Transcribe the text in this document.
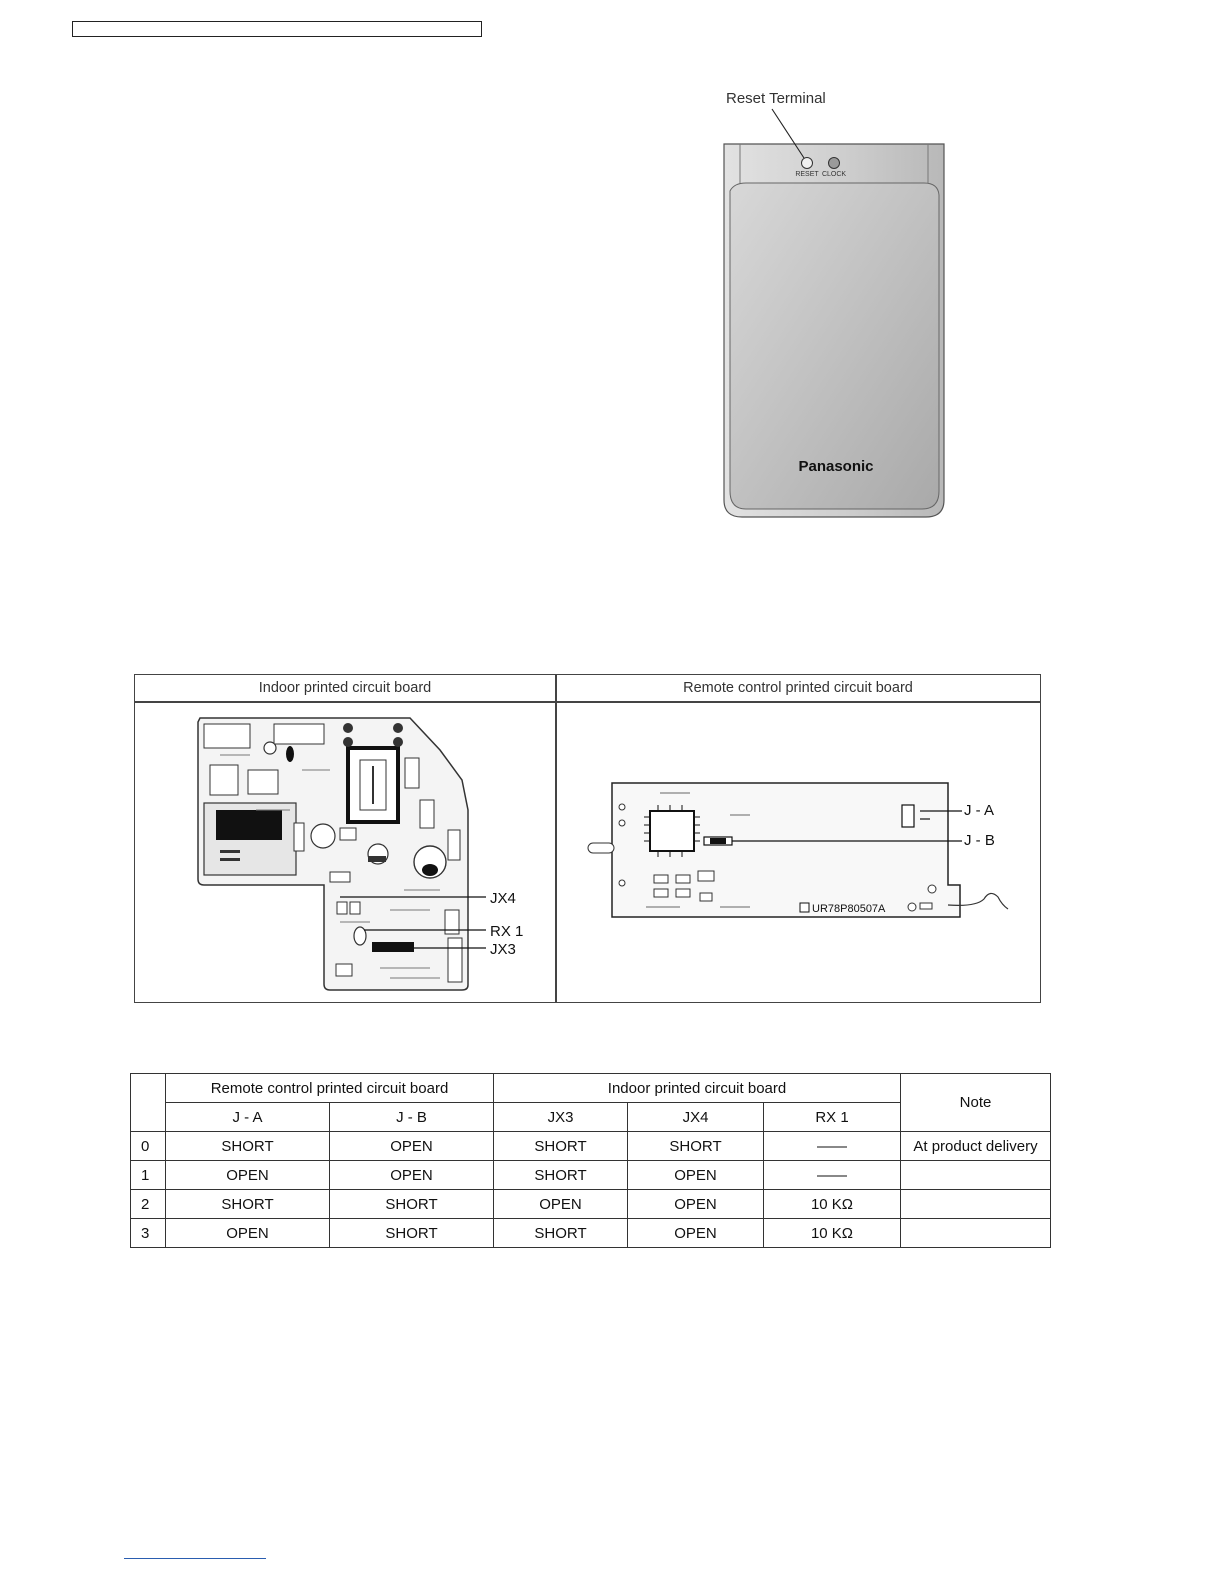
Reset Terminal
RESET CLOCK
Panasonic
Indoor printed circuit board	Remote control printed circuit board
JX4
RX 1
JX3
UR78P80507A
J - A
J - B
	Remote control printed circuit board		Indoor printed circuit board			Note
	J - A	J - B	JX3	JX4	RX 1	
0	SHORT	OPEN	SHORT	SHORT	——	At product delivery
1	OPEN	OPEN	SHORT	OPEN	——	
2	SHORT	SHORT	OPEN	OPEN	10 KΩ	
3	OPEN	SHORT	SHORT	OPEN	10 KΩ	
